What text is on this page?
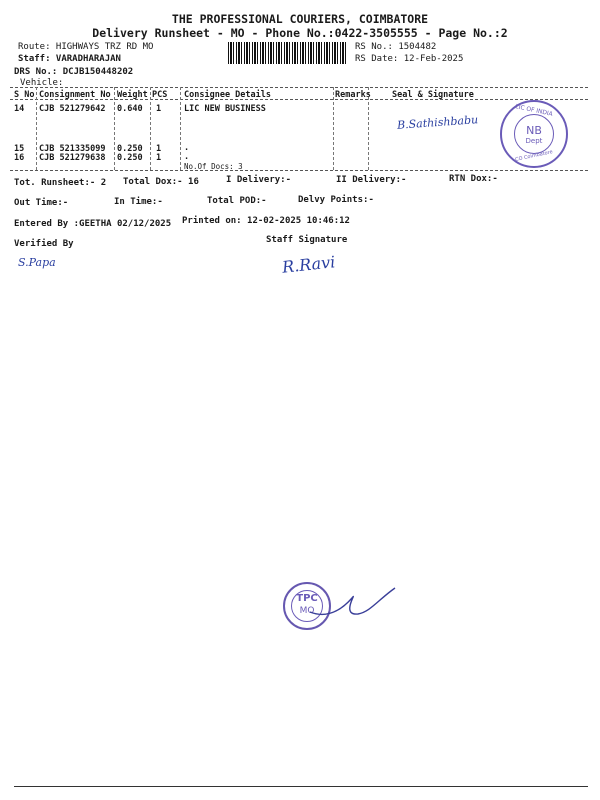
THE PROFESSIONAL COURIERS, COIMBATORE
Delivery Runsheet - MO - Phone No.:0422-3505555 - Page No.:2
Route: HIGHWAYS TRZ RD MO
Staff: VARADHARAJAN
DRS No.: DCJB150448202
Vehicle:
RS No.: 1504482
RS Date: 12-Feb-2025
S No Consignment No Weight PCS Consignee Details	Remarks Seal & Signature
14 CJB 521279642 0.640 1	LIC NEW BUSINESS
15 CJB 521335099 0.250 1	.
16 CJB 521279638 0.250 1	.
No.Of Docs: 3
B.Sathishbabu
LIC OF INDIA
NB
Dept
CO Coimbatore
Tot. Runsheet:- 2 Total Dox:- 16	I Delivery:-	II Delivery:-	RTN Dox:-
Out Time:-	In Time:-	Total POD:-	Delvy Points:-
Entered By :GEETHA 02/12/2025 Printed on: 12-02-2025 10:46:12
Verified By	Staff Signature
S.Papa	R.Ravi
TPC
MO
